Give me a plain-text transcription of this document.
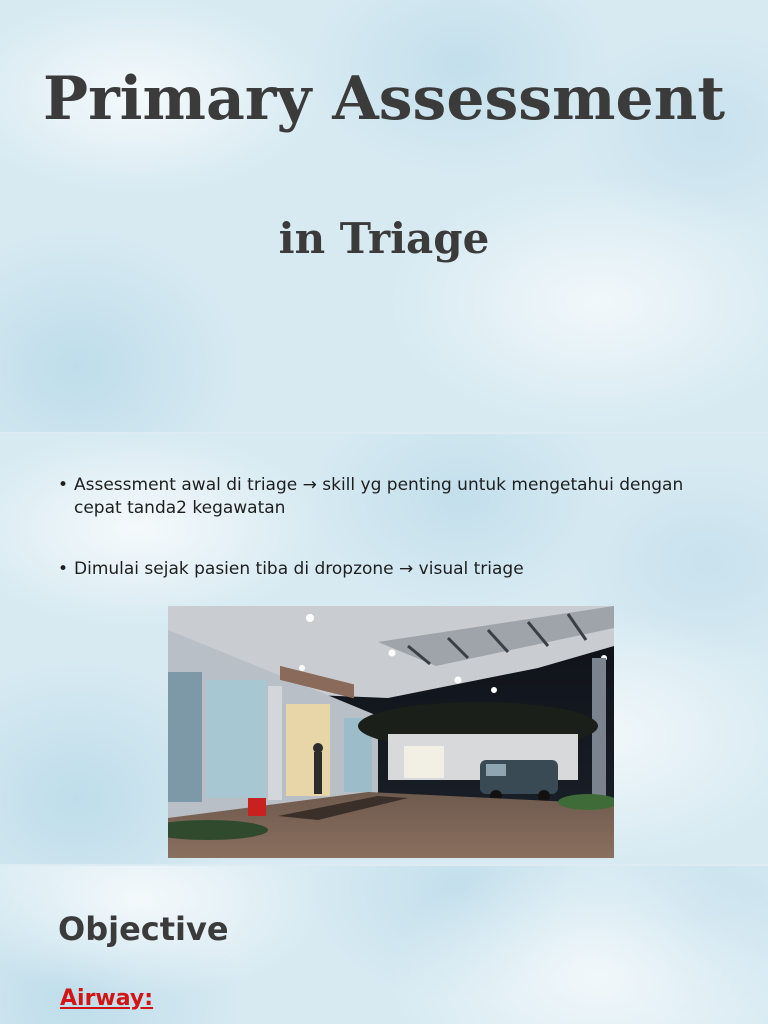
Primary Assessment
in Triage
• Assessment awal di triage → skill yg penting untuk mengetahui dengan cepat tanda2 kegawatan
• Dimulai sejak pasien tiba di dropzone → visual triage
Objective
Airway:
